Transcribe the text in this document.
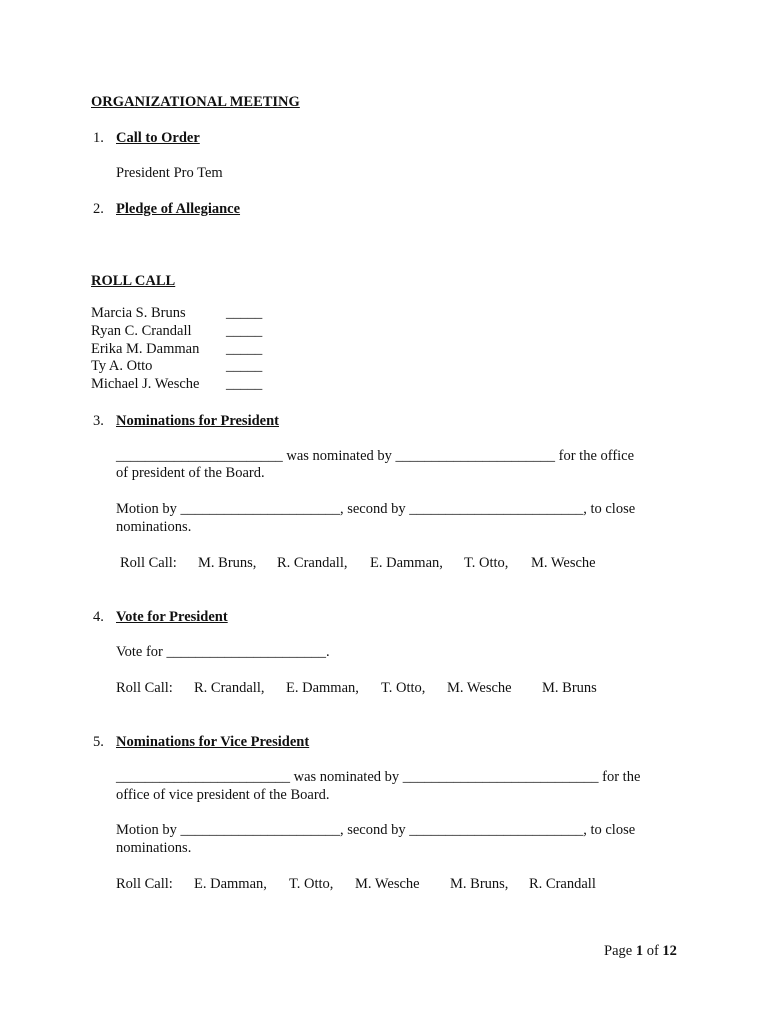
ORGANIZATIONAL MEETING
1. Call to Order
President Pro Tem
2. Pledge of Allegiance
ROLL CALL
Marcia S. Bruns	_____
Ryan C. Crandall _____
Erika M. Damman _____
Ty A. Otto	_____
Michael J. Wesche _____
3. Nominations for President
_______________________ was nominated by ______________________ for the office
of president of the Board.
Motion by ______________________, second by ________________________, to close
nominations.
Roll Call: M. Bruns, R. Crandall, E. Damman, T. Otto, M. Wesche
4. Vote for President
Vote for ______________________.
Roll Call: R. Crandall, E. Damman, T. Otto, M. Wesche M. Bruns
5. Nominations for Vice President
________________________ was nominated by ___________________________ for the
office of vice president of the Board.
Motion by ______________________, second by ________________________, to close
nominations.
Roll Call: E. Damman, T. Otto, M. Wesche M. Bruns, R. Crandall
Page 1 of 12
